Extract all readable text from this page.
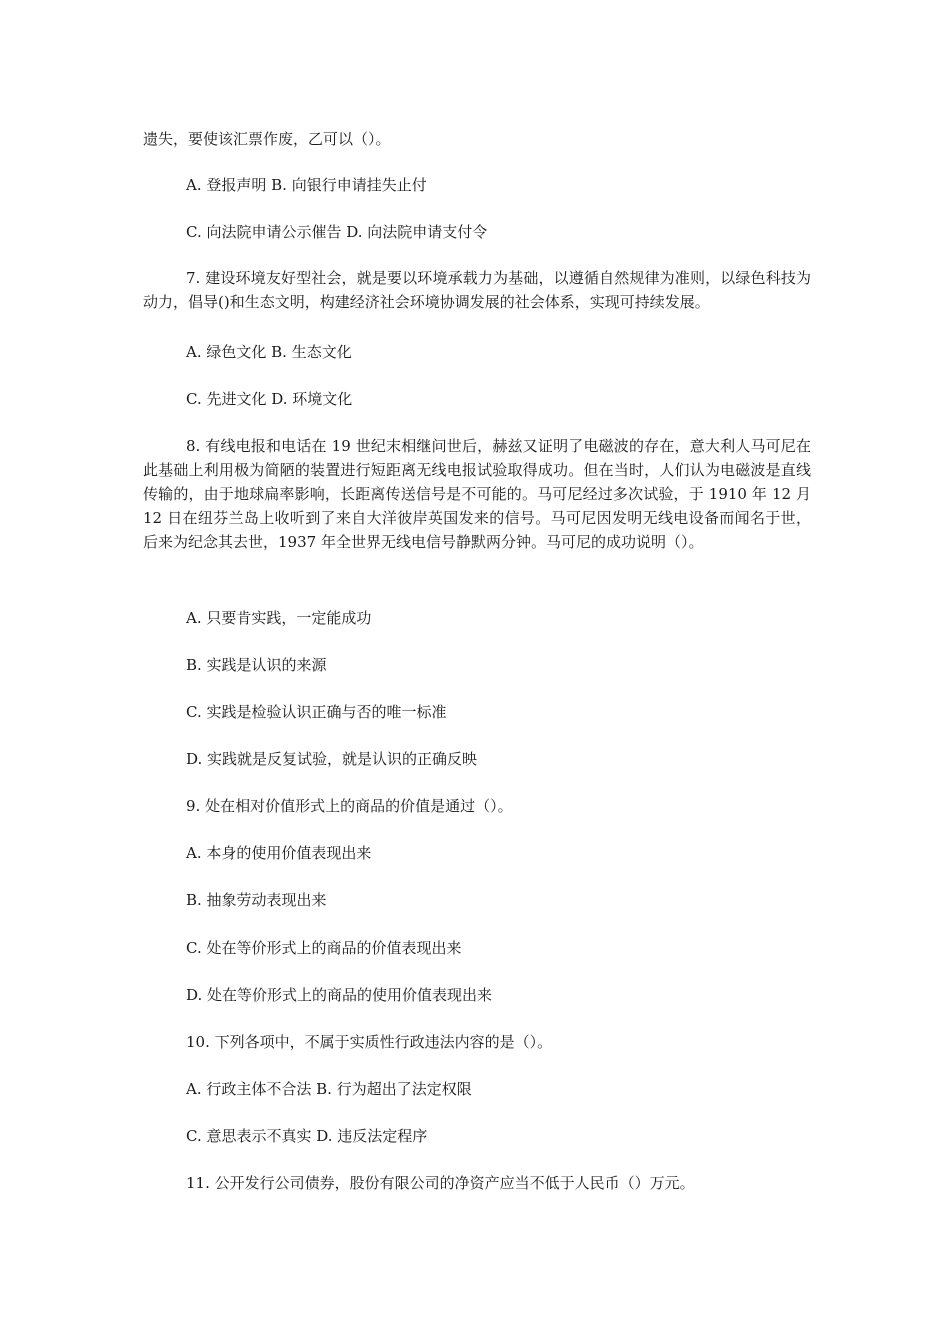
遗失，要使该汇票作废，乙可以（）。
A. 登报声明 B. 向银行申请挂失止付
C. 向法院申请公示催告 D. 向法院申请支付令
7. 建设环境友好型社会，就是要以环境承载力为基础，以遵循自然规律为准则，以绿色科技为动力，倡导()和生态文明，构建经济社会环境协调发展的社会体系，实现可持续发展。
A. 绿色文化 B. 生态文化
C. 先进文化 D. 环境文化
8. 有线电报和电话在 19 世纪末相继问世后，赫兹又证明了电磁波的存在，意大利人马可尼在此基础上利用极为简陋的装置进行短距离无线电报试验取得成功。但在当时，人们认为电磁波是直线传输的，由于地球扁率影响，长距离传送信号是不可能的。马可尼经过多次试验，于 1910 年 12 月 12 日在纽芬兰岛上收听到了来自大洋彼岸英国发来的信号。马可尼因发明无线电设备而闻名于世，后来为纪念其去世，1937 年全世界无线电信号静默两分钟。马可尼的成功说明（）。
A. 只要肯实践，一定能成功
B. 实践是认识的来源
C. 实践是检验认识正确与否的唯一标准
D. 实践就是反复试验，就是认识的正确反映
9. 处在相对价值形式上的商品的价值是通过（）。
A. 本身的使用价值表现出来
B. 抽象劳动表现出来
C. 处在等价形式上的商品的价值表现出来
D. 处在等价形式上的商品的使用价值表现出来
10. 下列各项中，不属于实质性行政违法内容的是（）。
A. 行政主体不合法 B. 行为超出了法定权限
C. 意思表示不真实 D. 违反法定程序
11. 公开发行公司债券，股份有限公司的净资产应当不低于人民币（）万元。
